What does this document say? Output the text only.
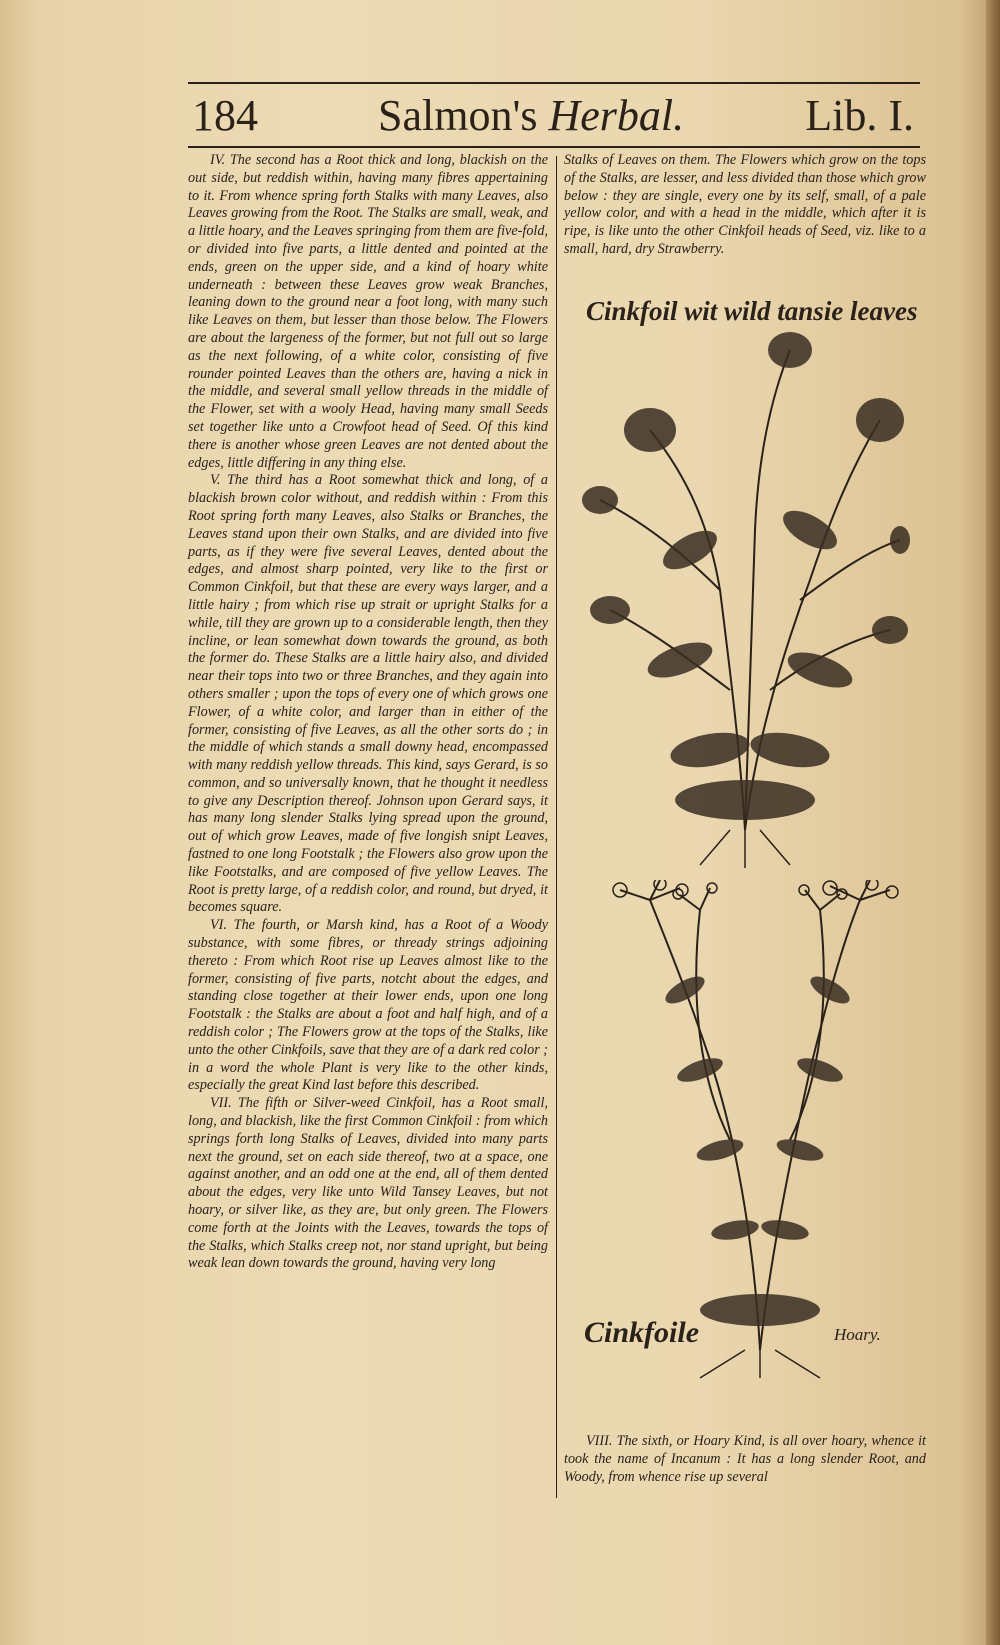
184	Salmon's Herbal.	Lib. I.

IV. The second has a Root thick and long, blackish on the out side, but reddish within, having many fibres appertaining to it. From whence spring forth Stalks with many Leaves, also Leaves growing from the Root. The Stalks are small, weak, and a little hoary, and the Leaves springing from them are five-fold, or divided into five parts, a little dented and pointed at the ends, green on the upper side, and a kind of hoary white underneath : between these Leaves grow weak Branches, leaning down to the ground near a foot long, with many such like Leaves on them, but lesser than those below. The Flowers are about the largeness of the former, but not full out so large as the next following, of a white color, consisting of five rounder pointed Leaves than the others are, having a nick in the middle, and several small yellow threads in the middle of the Flower, set with a wooly Head, having many small Seeds set together like unto a Crowfoot head of Seed. Of this kind there is another whose green Leaves are not dented about the edges, little differing in any thing else.

V. The third has a Root somewhat thick and long, of a blackish brown color without, and reddish within : From this Root spring forth many Leaves, also Stalks or Branches, the Leaves stand upon their own Stalks, and are divided into five parts, as if they were five several Leaves, dented about the edges, and almost sharp pointed, very like to the first or Common Cinkfoil, but that these are every ways larger, and a little hairy ; from which rise up strait or upright Stalks for a while, till they are grown up to a considerable length, then they incline, or lean somewhat down towards the ground, as both the former do. These Stalks are a little hairy also, and divided near their tops into two or three Branches, and they again into others smaller ; upon the tops of every one of which grows one Flower, of a white color, and larger than in either of the former, consisting of five Leaves, as all the other sorts do ; in the middle of which stands a small downy head, encompassed with many reddish yellow threads. This kind, says Gerard, is so common, and so universally known, that he thought it needless to give any Description thereof. Johnson upon Gerard says, it has many long slender Stalks lying spread upon the ground, out of which grow Leaves, made of five longish snipt Leaves, fastned to one long Footstalk ; the Flowers also grow upon the like Footstalks, and are composed of five yellow Leaves. The Root is pretty large, of a reddish color, and round, but dryed, it becomes square.

VI. The fourth, or Marsh kind, has a Root of a Woody substance, with some fibres, or thready strings adjoining thereto : From which Root rise up Leaves almost like to the former, consisting of five parts, notcht about the edges, and standing close together at their lower ends, upon one long Footstalk : the Stalks are about a foot and half high, and of a reddish color ; The Flowers grow at the tops of the Stalks, like unto the other Cinkfoils, save that they are of a dark red color ; in a word the whole Plant is very like to the other kinds, especially the great Kind last before this described.

VII. The fifth or Silver-weed Cinkfoil, has a Root small, long, and blackish, like the first Common Cinkfoil : from which springs forth long Stalks of Leaves, divided into many parts next the ground, set on each side thereof, two at a space, one against another, and an odd one at the end, all of them dented about the edges, very like unto Wild Tansey Leaves, but not hoary, or silver like, as they are, but only green. The Flowers come forth at the Joints with the Leaves, towards the tops of the Stalks, which Stalks creep not, nor stand upright, but being weak lean down towards the ground, having very long

Stalks of Leaves on them. The Flowers which grow on the tops of the Stalks, are lesser, and less divided than those which grow below : they are single, every one by its self, small, of a pale yellow color, and with a head in the middle, which after it is ripe, is like unto the other Cinkfoil heads of Seed, viz. like to a small, hard, dry Strawberry.

Cinkfoil wit wild tansie leaves
Cinkfoile	Hoary.

VIII. The sixth, or Hoary Kind, is all over hoary, whence it took the name of Incanum : It has a long slender Root, and Woody, from whence rise up several
